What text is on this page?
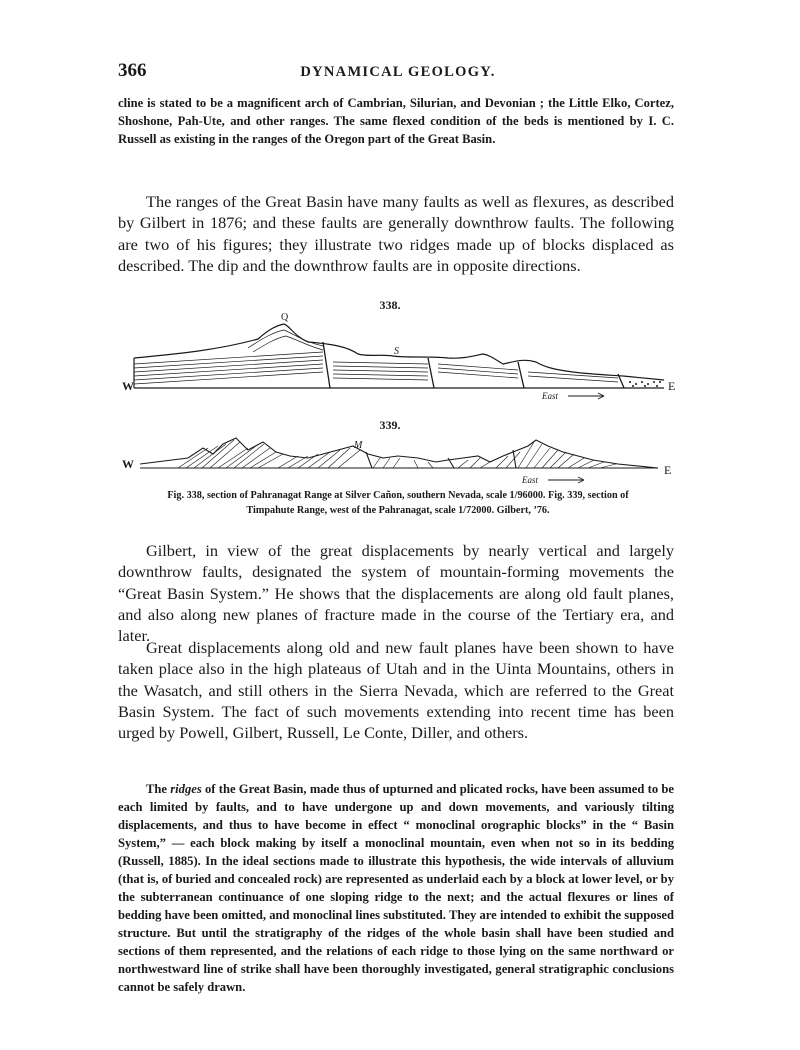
366	DYNAMICAL GEOLOGY.

cline is stated to be a magnificent arch of Cambrian, Silurian, and Devonian ; the Little Elko, Cortez, Shoshone, Pah-Ute, and other ranges. The same flexed condition of the beds is mentioned by I. C. Russell as existing in the ranges of the Oregon part of the Great Basin.

The ranges of the Great Basin have many faults as well as flexures, as described by Gilbert in 1876; and these faults are generally downthrow faults. The following are two of his figures; they illustrate two ridges made up of blocks displaced as described. The dip and the downthrow faults are in opposite directions.

338.
W	E
Q
S
East
339.
W	E
M
East
Fig. 338, section of Pahranagat Range at Silver Cañon, southern Nevada, scale 1/96000. Fig. 339, section of
Timpahute Range, west of the Pahranagat, scale 1/72000. Gilbert, ’76.

Gilbert, in view of the great displacements by nearly vertical and largely downthrow faults, designated the system of mountain-forming movements the “Great Basin System.” He shows that the displacements are along old fault planes, and also along new planes of fracture made in the course of the Tertiary era, and later.

Great displacements along old and new fault planes have been shown to have taken place also in the high plateaus of Utah and in the Uinta Mountains, others in the Wasatch, and still others in the Sierra Nevada, which are referred to the Great Basin System. The fact of such movements extending into recent time has been urged by Powell, Gilbert, Russell, Le Conte, Diller, and others.

The ridges of the Great Basin, made thus of upturned and plicated rocks, have been assumed to be each limited by faults, and to have undergone up and down movements, and variously tilting displacements, and thus to have become in effect “ monoclinal orographic blocks” in the “ Basin System,” — each block making by itself a monoclinal mountain, even when not so in its bedding (Russell, 1885). In the ideal sections made to illustrate this hypothesis, the wide intervals of alluvium (that is, of buried and concealed rock) are represented as underlaid each by a block at lower level, or by the subterranean continuance of one sloping ridge to the next; and the actual flexures or lines of bedding have been omitted, and monoclinal lines substituted. They are intended to exhibit the supposed structure. But until the stratigraphy of the ridges of the whole basin shall have been studied and sections of them represented, and the relations of each ridge to those lying on the same northward or northwestward line of strike shall have been thoroughly investigated, general stratigraphic conclusions cannot be safely drawn.
